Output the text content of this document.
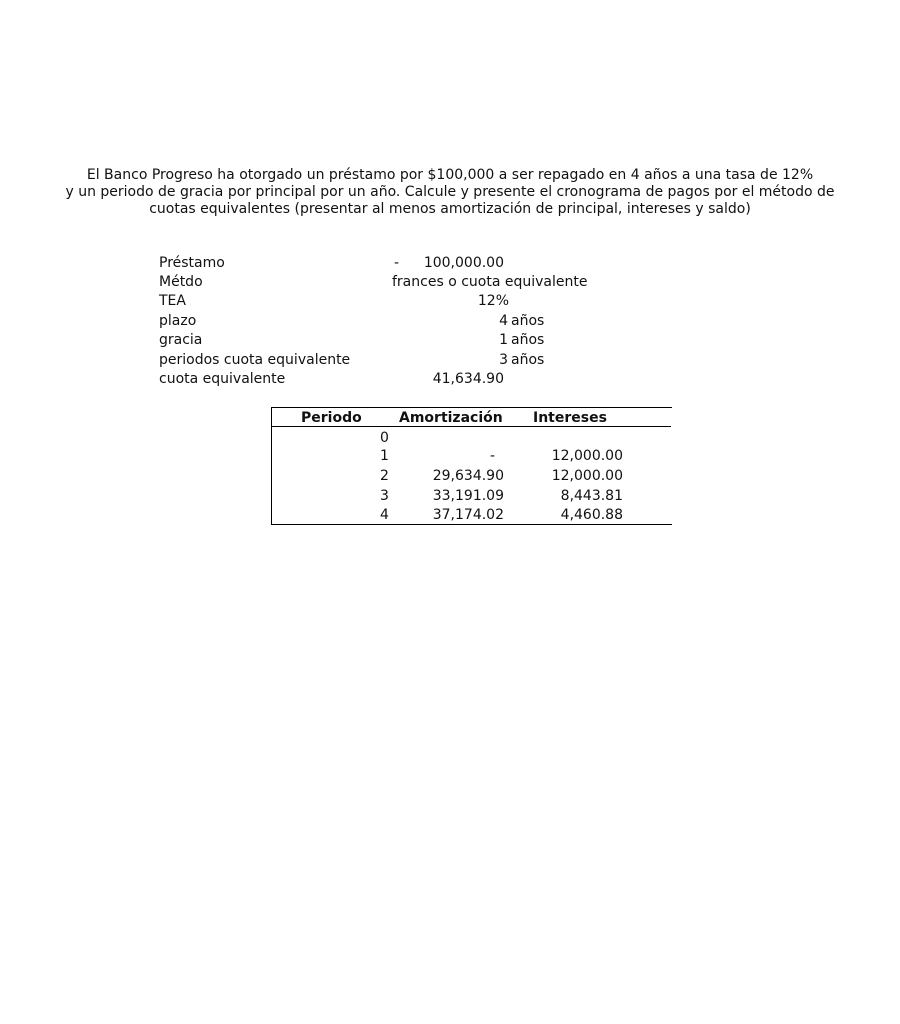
El Banco Progreso ha otorgado un préstamo por $100,000 a ser repagado en 4 años a una tasa de 12%
y un periodo de gracia por principal por un año. Calcule y presente el cronograma de pagos por el método de
cuotas equivalentes (presentar al menos amortización de principal, intereses y saldo)
Préstamo	-	100,000.00
Métdo	frances o cuota equivalente
TEA	12%
plazo	4 años
gracia	1 años
periodos cuota equivalente	3 años
cuota equivalente	41,634.90
Periodo	Amortización Intereses
0
1	-	12,000.00
2	29,634.90	12,000.00
3	33,191.09	8,443.81
4	37,174.02	4,460.88
